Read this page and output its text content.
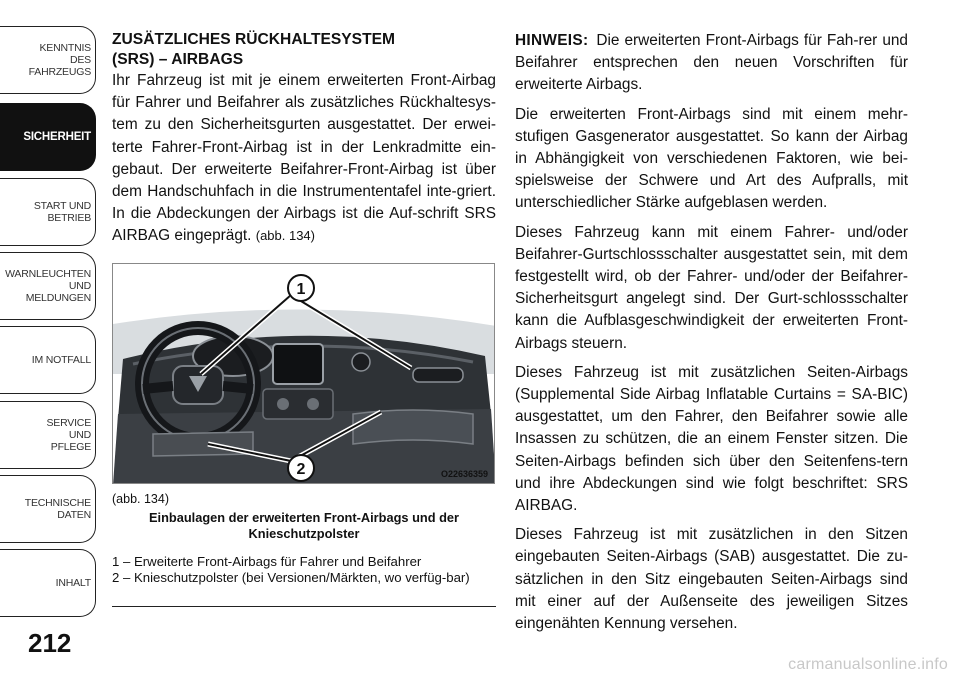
KENNTNIS
DES
FAHRZEUGS
SICHERHEIT
START UND
BETRIEB
WARNLEUCHTEN
UND
MELDUNGEN
IM NOTFALL
SERVICE
UND
PFLEGE
TECHNISCHE
DATEN
INHALT
212

ZUSÄTZLICHES RÜCKHALTESYSTEM

(SRS) – AIRBAGS

Ihr Fahrzeug ist mit je einem erweiterten Front-Airbag für Fahrer und Beifahrer als zusätzliches Rückhaltesys-tem zu den Sicherheitsgurten ausgestattet. Der erwei-terte Fahrer-Front-Airbag ist in der Lenkradmitte ein-gebaut. Der erweiterte Beifahrer-Front-Airbag ist über dem Handschuhfach in die Instrumententafel inte-griert. In die Abdeckungen der Airbags ist die Auf-schrift SRS AIRBAG eingeprägt. (abb. 134)

1
2	O22636359
(abb. 134)
Einbaulagen der erweiterten Front-Airbags und der Knieschutzpolster
1 – Erweiterte Front-Airbags für Fahrer und Beifahrer
2 – Knieschutzpolster (bei Versionen/Märkten, wo verfüg-bar)

HINWEIS: Die erweiterten Front-Airbags für Fah-rer und Beifahrer entsprechen den neuen Vorschriften für erweiterte Airbags.

Die erweiterten Front-Airbags sind mit einem mehr-stufigen Gasgenerator ausgestattet. So kann der Airbag in Abhängigkeit von verschiedenen Faktoren, wie bei-spielsweise der Schwere und Art des Aufpralls, mit unterschiedlicher Stärke aufgeblasen werden.

Dieses Fahrzeug kann mit einem Fahrer- und/oder Beifahrer-Gurtschlossschalter ausgestattet sein, mit dem festgestellt wird, ob der Fahrer- und/oder der Beifahrer-Sicherheitsgurt angelegt sind. Der Gurt-schlossschalter kann die Aufblasgeschwindigkeit der erweiterten Front-Airbags steuern.

Dieses Fahrzeug ist mit zusätzlichen Seiten-Airbags (Supplemental Side Airbag Inflatable Curtains = SA-BIC) ausgestattet, um den Fahrer, den Beifahrer sowie alle Insassen zu schützen, die an einem Fenster sitzen. Die Seiten-Airbags befinden sich über den Seitenfens-tern und ihre Abdeckungen sind wie folgt beschriftet: SRS AIRBAG.

Dieses Fahrzeug ist mit zusätzlichen in den Sitzen eingebauten Seiten-Airbags (SAB) ausgestattet. Die zu-sätzlichen in den Sitz eingebauten Seiten-Airbags sind mit einer auf der Außenseite des jeweiligen Sitzes eingenähten Kennung versehen.

carmanualsonline.info
